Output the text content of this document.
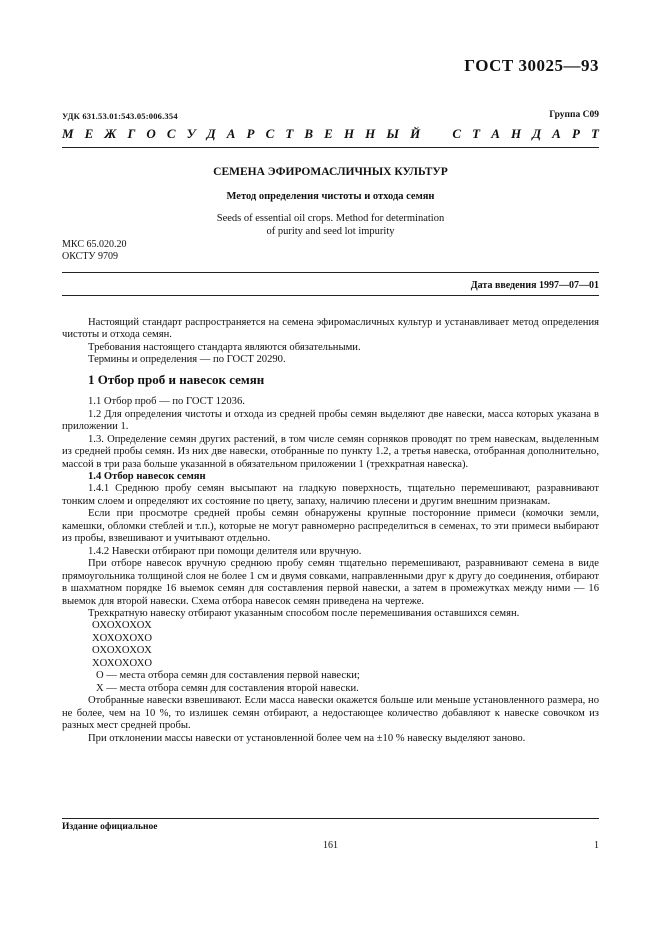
ГОСТ 30025—93
УДК 631.53.01:543.05:006.354	Группа С09
М Е Ж Г О С У Д А Р С Т В Е Н Н Ы Й С Т А Н Д А Р Т
СЕМЕНА ЭФИРОМАСЛИЧНЫХ КУЛЬТУР
Метод определения чистоты и отхода семян
Seeds of essential oil crops. Method for determination
of purity and seed lot impurity
МКС 65.020.20
ОКСТУ 9709
Дата введения 1997—07—01

Настоящий стандарт распространяется на семена эфиромасличных культур и устанавливает метод определения чистоты и отхода семян.

Требования настоящего стандарта являются обязательными.

Термины и определения — по ГОСТ 20290.

1 Отбор проб и навесок семян

1.1 Отбор проб — по ГОСТ 12036.

1.2 Для определения чистоты и отхода из средней пробы семян выделяют две навески, масса которых указана в приложении 1.

1.3. Определение семян других растений, в том числе семян сорняков проводят по трем навескам, выделенным из средней пробы семян. Из них две навески, отобранные по пункту 1.2, а третья навеска, отобранная дополнительно, массой в три раза больше указанной в обязательном приложении 1 (трехкратная навеска).

1.4 Отбор навесок семян

1.4.1 Среднюю пробу семян высыпают на гладкую поверхность, тщательно перемешивают, разравнивают тонким слоем и определяют их состояние по цвету, запаху, наличию плесени и другим внешним признакам.

Если при просмотре средней пробы семян обнаружены крупные посторонние примеси (комочки земли, камешки, обломки стеблей и т.п.), которые не могут равномерно распределиться в семенах, то эти примеси выбирают из пробы, взвешивают и учитывают отдельно.

1.4.2 Навески отбирают при помощи делителя или вручную.

При отборе навесок вручную среднюю пробу семян тщательно перемешивают, разравнивают семена в виде прямоугольника толщиной слоя не более 1 см и двумя совками, направленными друг к другу до соединения, отбирают в шахматном порядке 16 выемок семян для составления первой навески, а затем в промежутках между ними — 16 выемок для второй навески. Схема отбора навесок семян приведена на чертеже.

Трехкратную навеску отбирают указанным способом после перемешивания оставшихся семян.

ОХОХОХОХ
ХОХОХОХО
ОХОХОХОХ
ХОХОХОХО

О — места отбора семян для составления первой навески;

Х — места отбора семян для составления второй навески.

Отобранные навески взвешивают. Если масса навески окажется больше или меньше установленного размера, но не более, чем на 10 %, то излишек семян отбирают, а недостающее количество добавляют к навеске совочком из разных мест средней пробы.

При отклонении массы навески от установленной более чем на ±10 % навеску выделяют заново.

Издание официальное
161	1
